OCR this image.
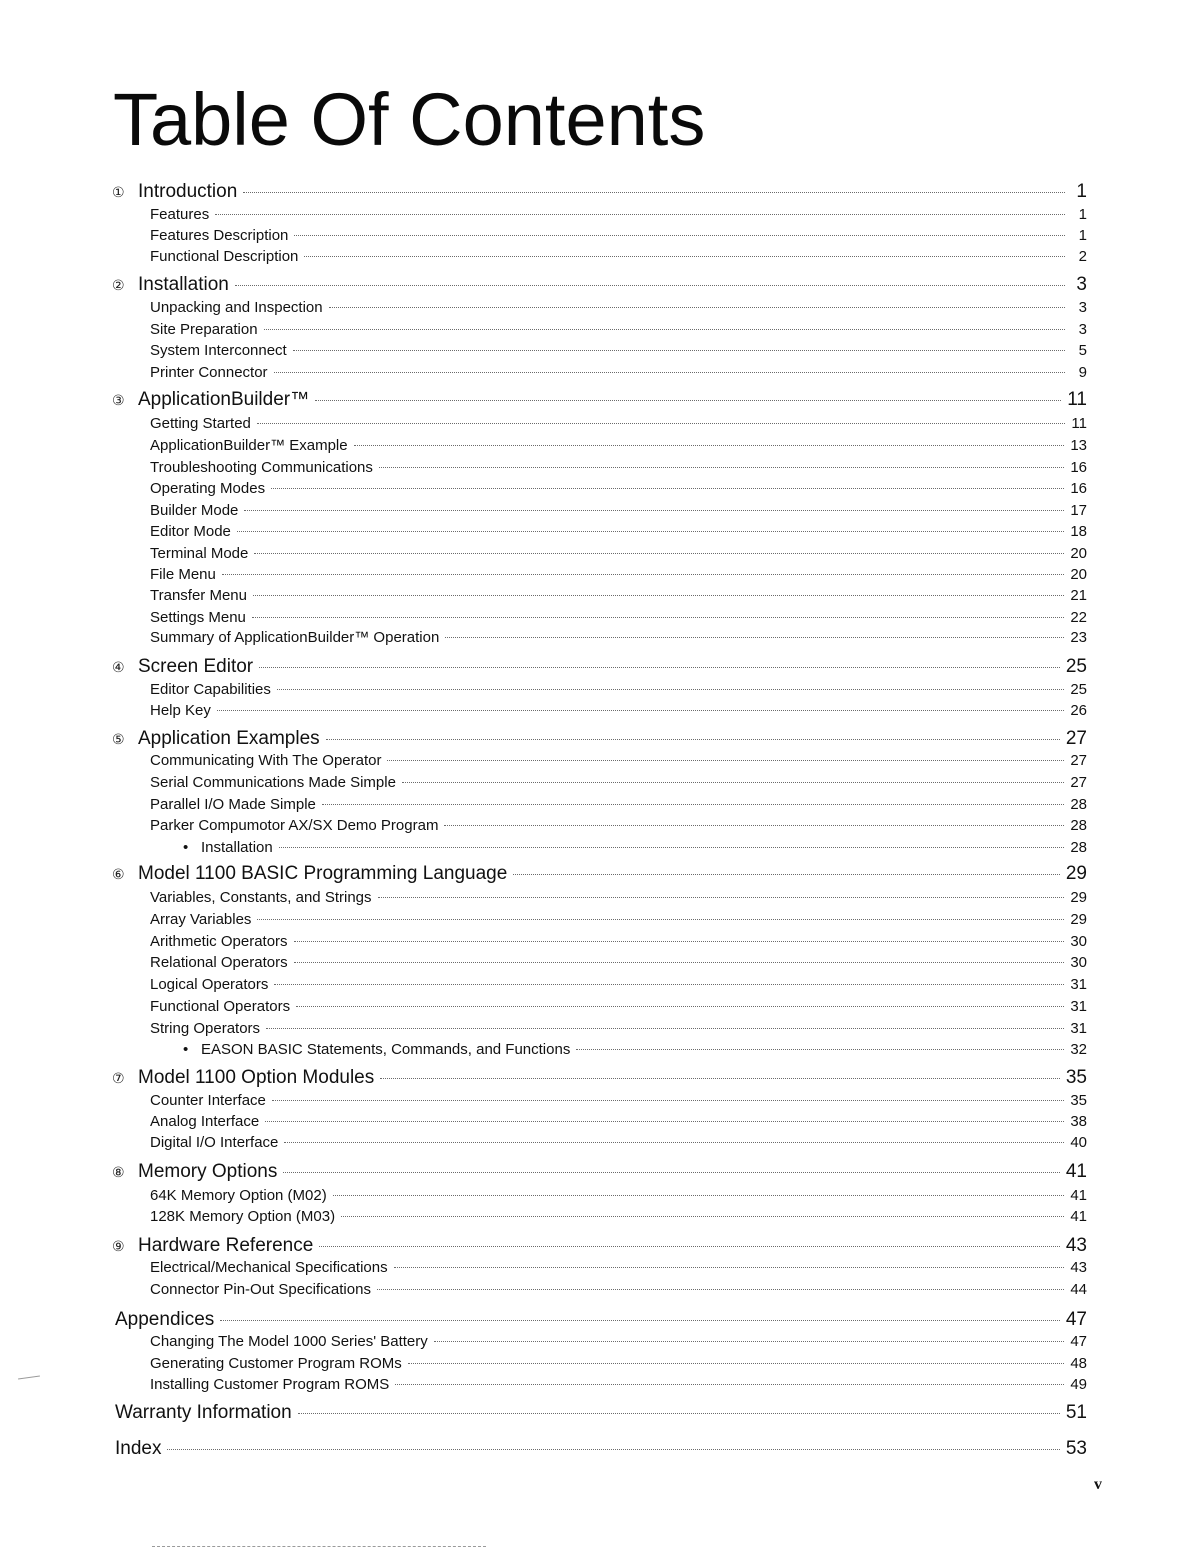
Table Of Contents
① Introduction	1
Features	1
Features Description	1
Functional Description	2
② Installation	3
Unpacking and Inspection	3
Site Preparation	3
System Interconnect	5
Printer Connector	9
③ ApplicationBuilder™	11
Getting Started	11
ApplicationBuilder™ Example	13
Troubleshooting Communications	16
Operating Modes	16
Builder Mode	17
Editor Mode	18
Terminal Mode	20
File Menu	20
Transfer Menu	21
Settings Menu	22
Summary of ApplicationBuilder™ Operation	23
④ Screen Editor	25
Editor Capabilities	25
Help Key	26
⑤ Application Examples	27
Communicating With The Operator	27
Serial Communications Made Simple	27
Parallel I/O Made Simple	28
Parker Compumotor AX/SX Demo Program	28
• Installation	28
⑥ Model 1100 BASIC Programming Language	29
Variables, Constants, and Strings	29
Array Variables	29
Arithmetic Operators	30
Relational Operators	30
Logical Operators	31
Functional Operators	31
String Operators	31
• EASON BASIC Statements, Commands, and Functions	32
⑦ Model 1100 Option Modules	35
Counter Interface	35
Analog Interface	38
Digital I/O Interface	40
⑧ Memory Options	41
64K Memory Option (M02)	41
128K Memory Option (M03)	41
⑨ Hardware Reference	43
Electrical/Mechanical Specifications	43
Connector Pin-Out Specifications	44
Appendices	47
Changing The Model 1000 Series' Battery	47
Generating Customer Program ROMs	48
Installing Customer Program ROMS	49
Warranty Information	51
Index	53
v
